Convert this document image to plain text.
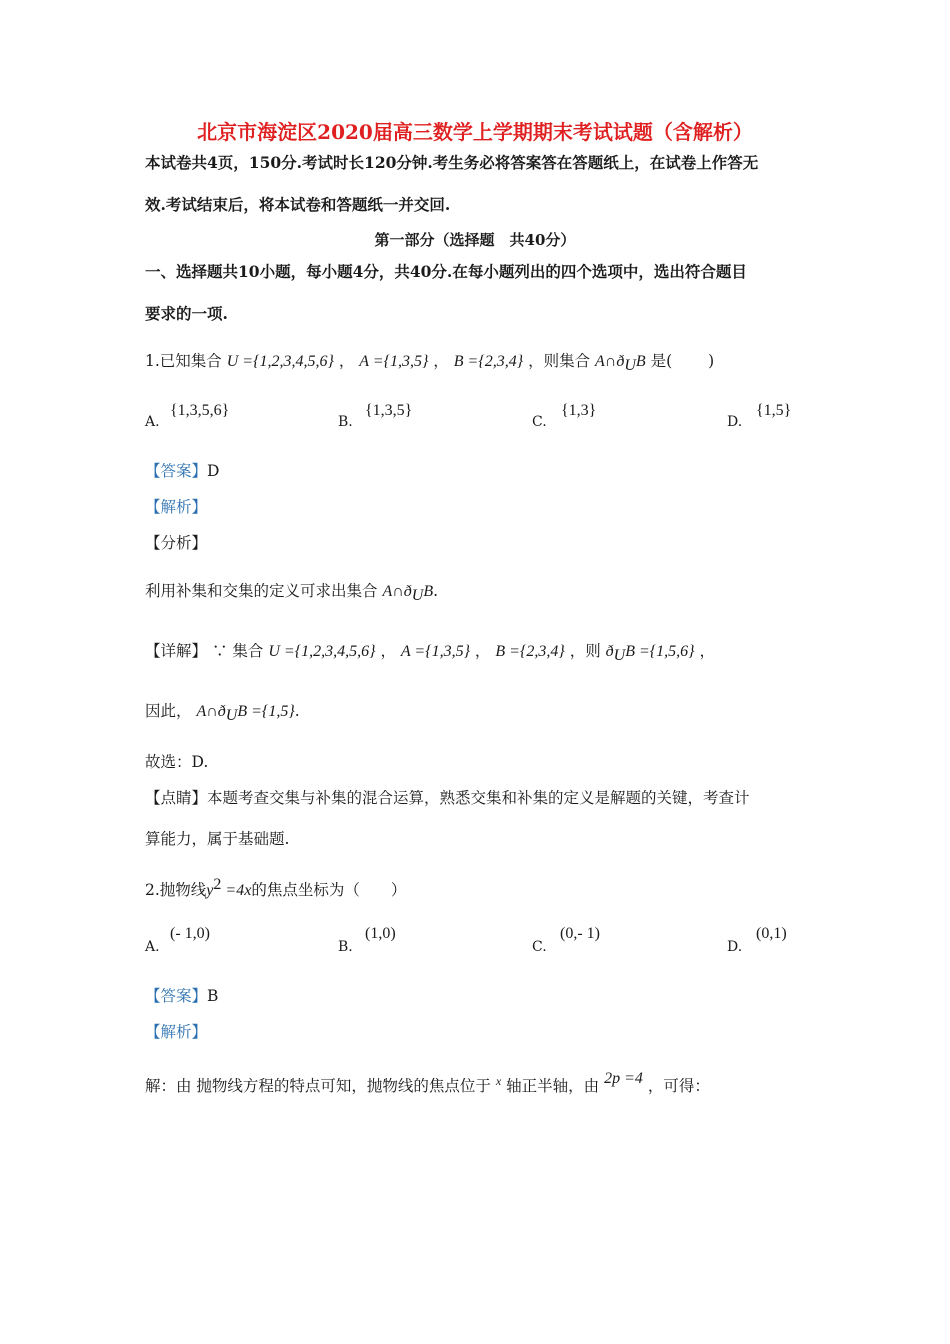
北京市海淀区2020届高三数学上学期期末考试试题（含解析）
本试卷共4页，150分.考试时长120分钟.考生务必将答案答在答题纸上，在试卷上作答无
效.考试结束后，将本试卷和答题纸一并交回.
第一部分（选择题　共40分）
一、选择题共10小题，每小题4分，共40分.在每小题列出的四个选项中，选出符合题目
要求的一项.
1.已知集合 U ={1,2,3,4,5,6} ， A ={1,3,5} ， B ={2,3,4} ，则集合 $A\cap ð_UB$ 是(　　 )
A.
{1,3,5,6}
B.
{1,3,5}
C.
{1,3}
D.
{1,5}
【答案】D
【解析】
【分析】
利用补集和交集的定义可求出集合 $A\cap ð_UB$.
【详解】 ∵ 集合 U ={1,2,3,4,5,6} ， A ={1,3,5} ， B ={2,3,4} ，则 $ð_UB =\{1,5,6\}$ ，
因此， $A\cap ð_UB =\{1,5\}$.
故选：D.
【点睛】本题考查交集与补集的混合运算，熟悉交集和补集的定义是解题的关键，考查计
算能力，属于基础题.
2.抛物线$y^2 =4x$的焦点坐标为（　　）
A.
(- 1,0)
B.
(1,0)
C.
(0,- 1)
D.
(0,1)
【答案】B
【解析】
解：由 抛物线方程的特点可知，抛物线的焦点位于 $^x$ 轴正半轴，由 2p =4 ，可得：
